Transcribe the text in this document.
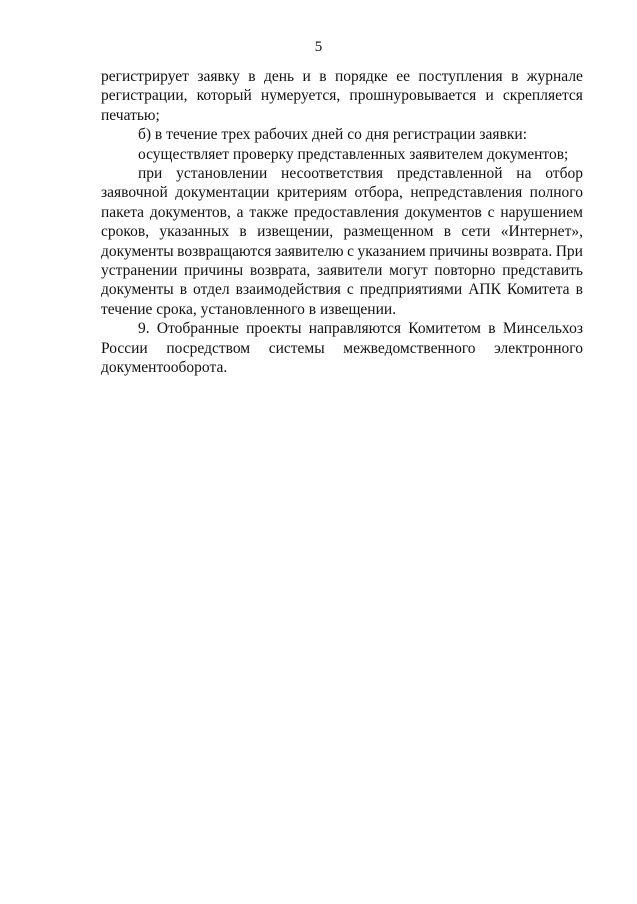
5
регистрирует заявку в день и в порядке ее поступления в журнале
регистрации, который нумеруется, прошнуровывается и скрепляется
печатью;
б) в течение трех рабочих дней со дня регистрации заявки:
осуществляет проверку представленных заявителем документов;
при установлении несоответствия представленной на отбор
заявочной документации критериям отбора, непредставления полного
пакета документов, а также предоставления документов с нарушением
сроков, указанных в извещении, размещенном в сети «Интернет»,
документы возвращаются заявителю с указанием причины возврата. При
устранении причины возврата, заявители могут повторно представить
документы в отдел взаимодействия с предприятиями АПК Комитета в
течение срока, установленного в извещении.
9. Отобранные проекты направляются Комитетом в Минсельхоз
России посредством системы межведомственного электронного
документооборота.
